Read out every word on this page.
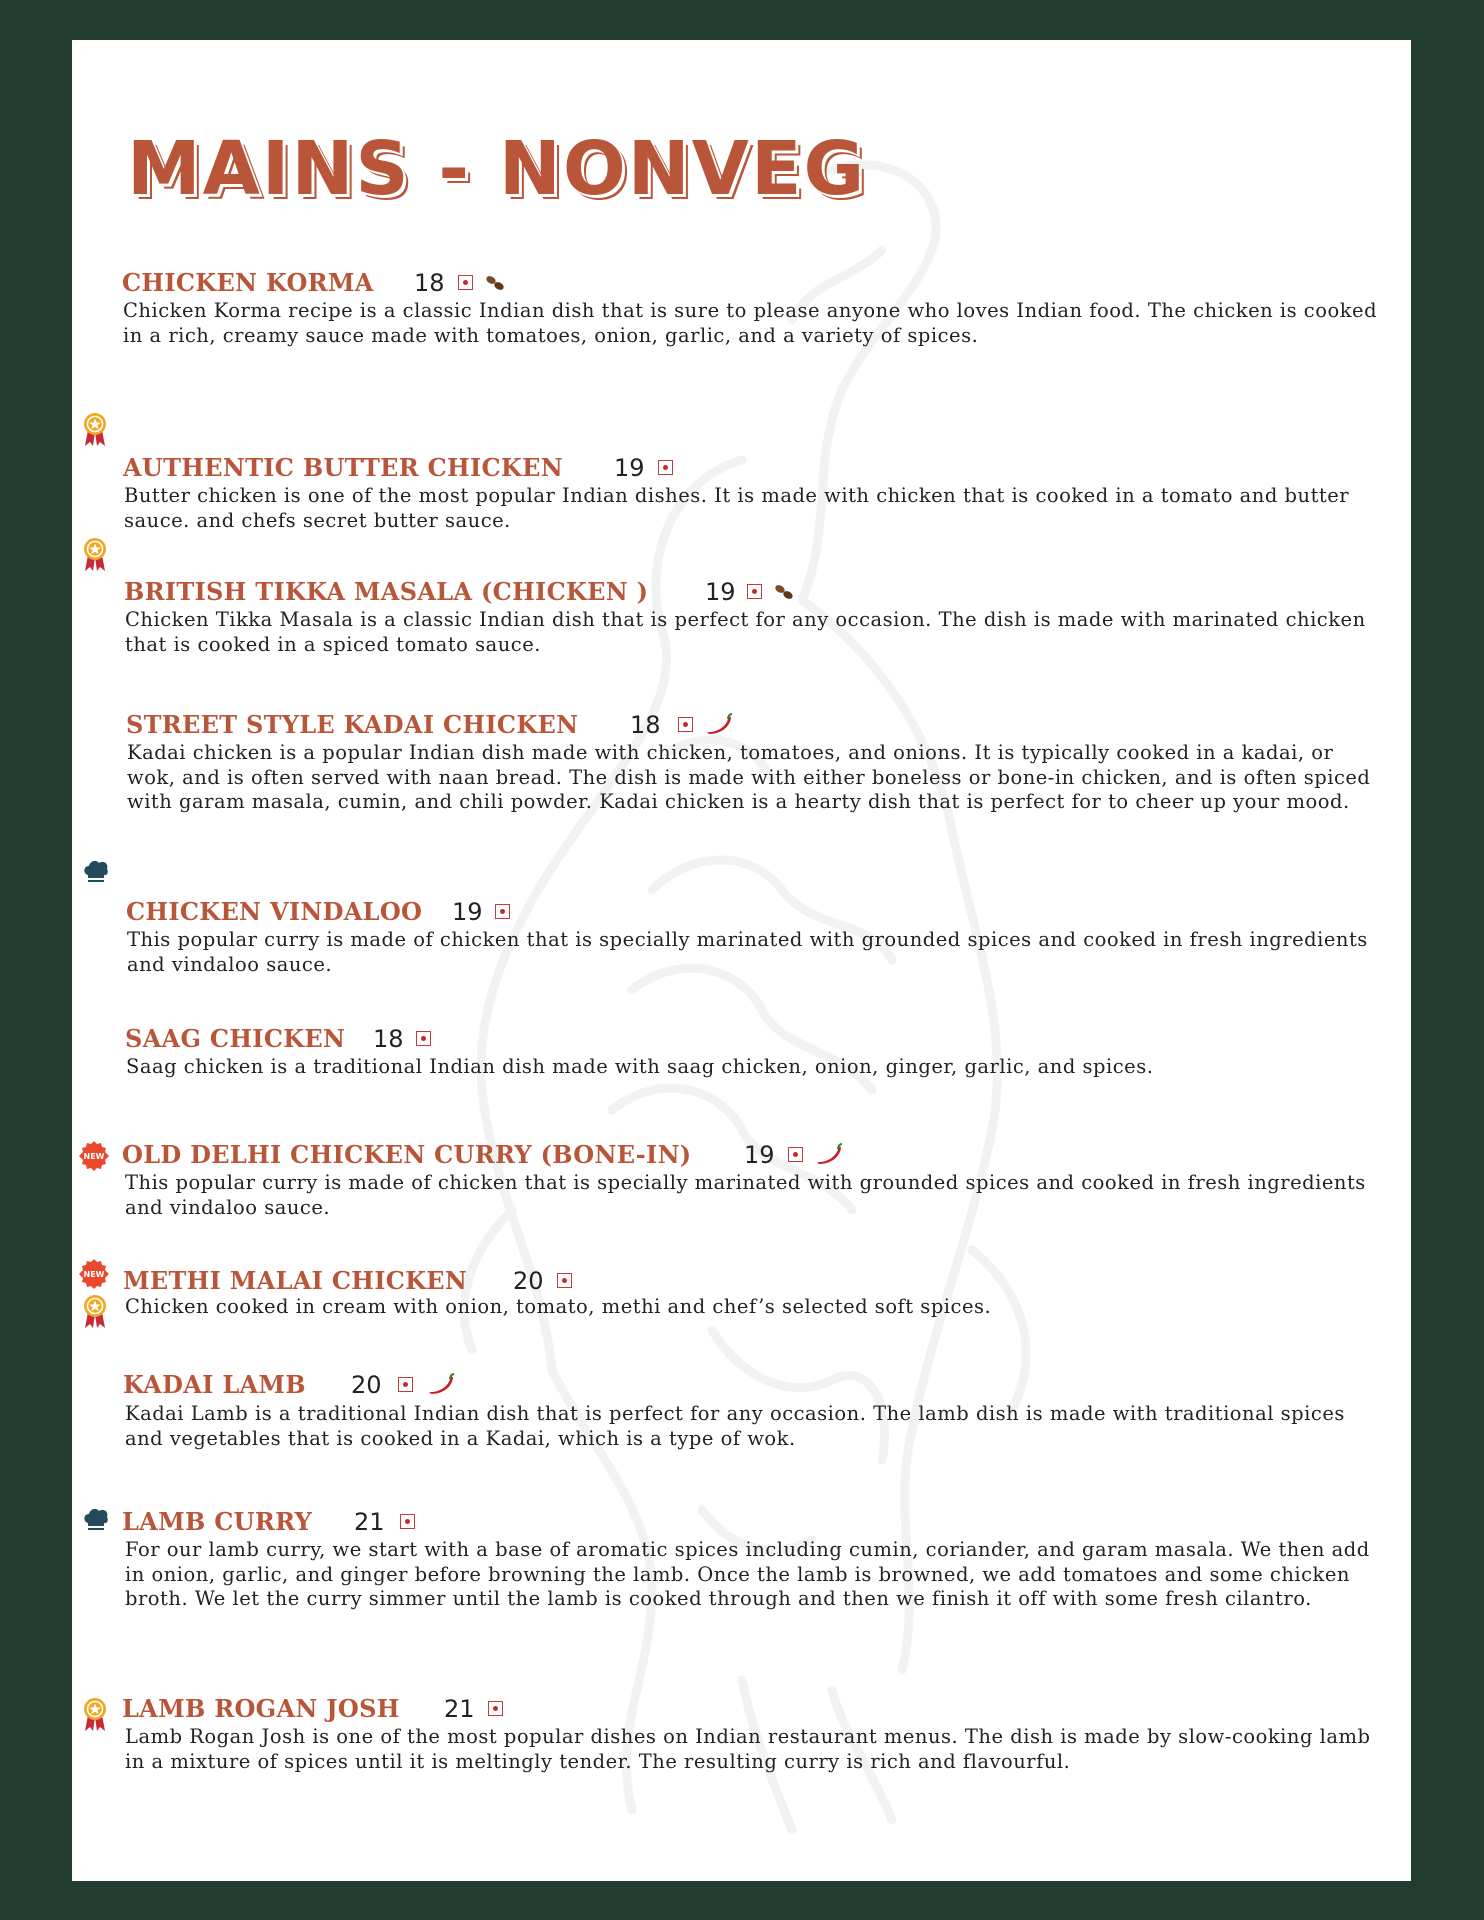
MAINS - NONVEG
CHICKEN KORMA 18

Chicken Korma recipe is a classic Indian dish that is sure to please anyone who loves Indian food. The chicken is cooked in a rich, creamy sauce made with tomatoes, onion, garlic, and a variety of spices.

AUTHENTIC BUTTER CHICKEN 19

Butter chicken is one of the most popular Indian dishes. It is made with chicken that is cooked in a tomato and butter sauce. and chefs secret butter sauce.

BRITISH TIKKA MASALA (CHICKEN ) 19

Chicken Tikka Masala is a classic Indian dish that is perfect for any occasion. The dish is made with marinated chicken that is cooked in a spiced tomato sauce.

STREET STYLE KADAI CHICKEN 18

Kadai chicken is a popular Indian dish made with chicken, tomatoes, and onions. It is typically cooked in a kadai, or wok, and is often served with naan bread. The dish is made with either boneless or bone-in chicken, and is often spiced with garam masala, cumin, and chili powder. Kadai chicken is a hearty dish that is perfect for to cheer up your mood.

CHICKEN VINDALOO 19

This popular curry is made of chicken that is specially marinated with grounded spices and cooked in fresh ingredients and vindaloo sauce.

SAAG CHICKEN 18

Saag chicken is a traditional Indian dish made with saag chicken, onion, ginger, garlic, and spices.

NEW OLD DELHI CHICKEN CURRY (BONE-IN) 19

This popular curry is made of chicken that is specially marinated with grounded spices and cooked in fresh ingredients and vindaloo sauce.

NEW METHI MALAI CHICKEN 20

Chicken cooked in cream with onion, tomato, methi and chef’s selected soft spices.

KADAI LAMB 20

Kadai Lamb is a traditional Indian dish that is perfect for any occasion. The lamb dish is made with traditional spices and vegetables that is cooked in a Kadai, which is a type of wok.

LAMB CURRY 21

For our lamb curry, we start with a base of aromatic spices including cumin, coriander, and garam masala. We then add in onion, garlic, and ginger before browning the lamb. Once the lamb is browned, we add tomatoes and some chicken broth. We let the curry simmer until the lamb is cooked through and then we finish it off with some fresh cilantro.

LAMB ROGAN JOSH 21

Lamb Rogan Josh is one of the most popular dishes on Indian restaurant menus. The dish is made by slow-cooking lamb in a mixture of spices until it is meltingly tender. The resulting curry is rich and flavourful.
